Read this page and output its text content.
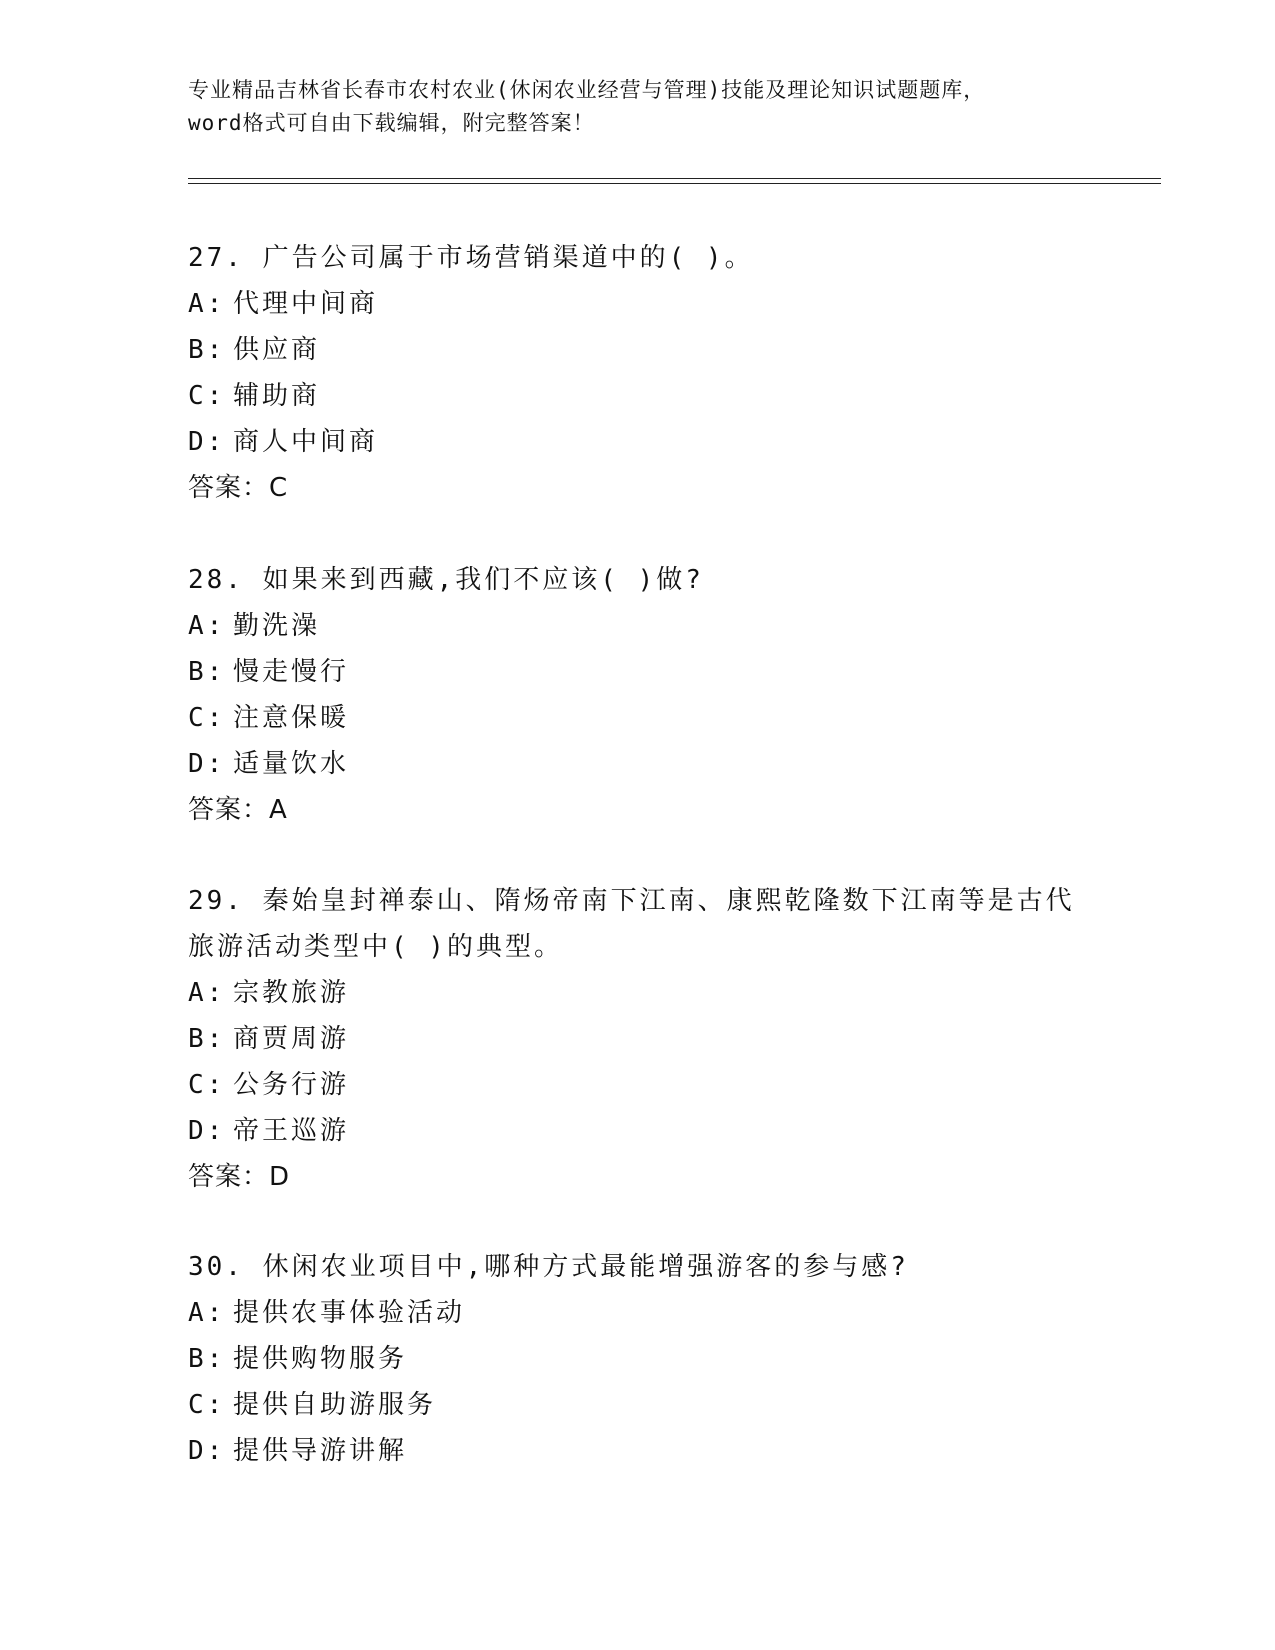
专业精品吉林省长春市农村农业(休闲农业经营与管理)技能及理论知识试题题库，
word格式可自由下载编辑，附完整答案！
27. 广告公司属于市场营销渠道中的( )。
A: 代理中间商
B: 供应商
C: 辅助商
D: 商人中间商
答案：C
28. 如果来到西藏,我们不应该( )做?
A: 勤洗澡
B: 慢走慢行
C: 注意保暖
D: 适量饮水
答案：A
29. 秦始皇封禅泰山、隋炀帝南下江南、康熙乾隆数下江南等是古代
旅游活动类型中( )的典型。
A: 宗教旅游
B: 商贾周游
C: 公务行游
D: 帝王巡游
答案：D
30. 休闲农业项目中,哪种方式最能增强游客的参与感?
A: 提供农事体验活动
B: 提供购物服务
C: 提供自助游服务
D: 提供导游讲解
